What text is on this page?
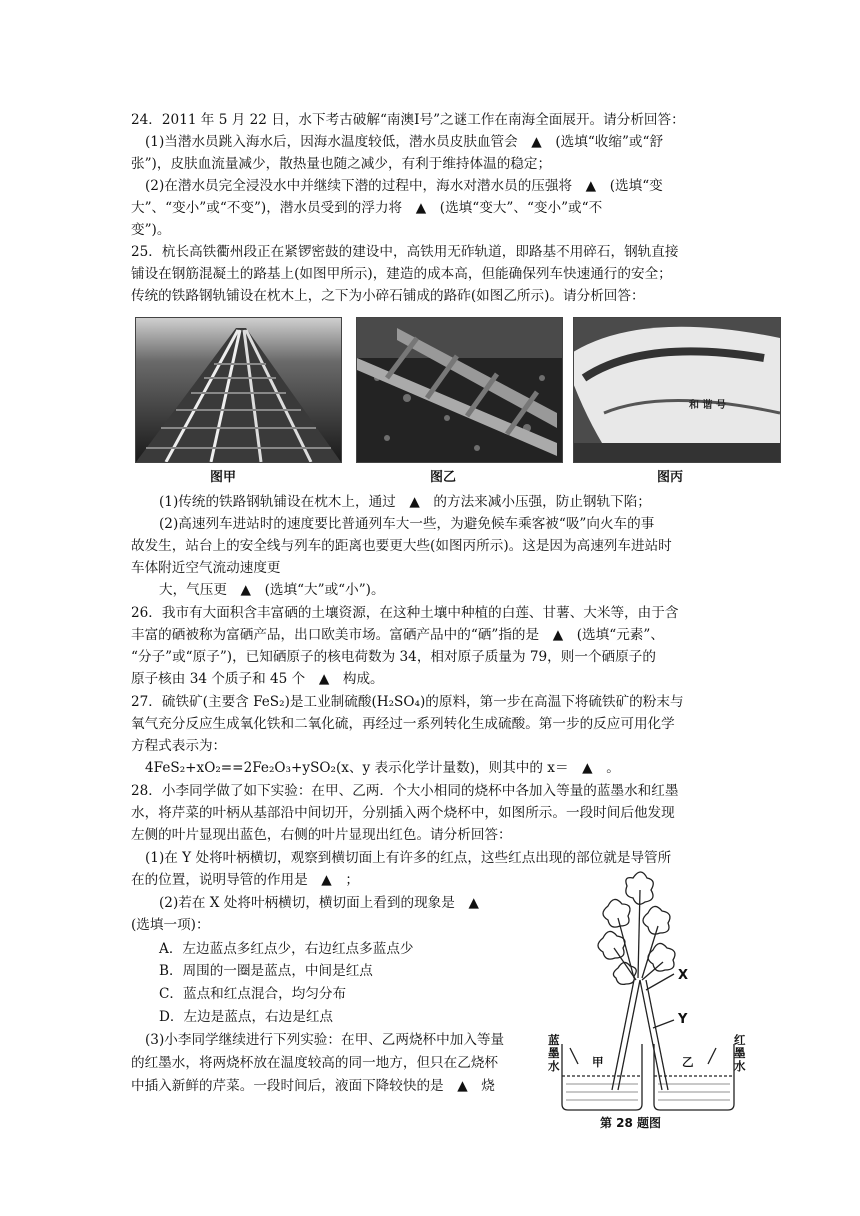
24．2011 年 5 月 22 日，水下考古破解“南澳Ⅰ号”之谜工作在南海全面展开。请分析回答：
(1)当潜水员跳入海水后，因海水温度较低，潜水员皮肤血管会　▲　(选填“收缩”或“舒
张”)，皮肤血流量减少，散热量也随之减少，有利于维持体温的稳定；
(2)在潜水员完全浸没水中并继续下潜的过程中，海水对潜水员的压强将　▲　(选填“变
大”、“变小”或“不变”)，潜水员受到的浮力将　▲　(选填“变大”、“变小”或“不
变”)。
25．杭长高铁衢州段正在紧锣密鼓的建设中，高铁用无砟轨道，即路基不用碎石，钢轨直接
铺设在钢筋混凝土的路基上(如图甲所示)，建造的成本高，但能确保列车快速通行的安全；
传统的铁路钢轨铺设在枕木上，之下为小碎石铺成的路砟(如图乙所示)。请分析回答：
图甲	图乙
和 谐 号
图丙
(1)传统的铁路钢轨铺设在枕木上，通过　▲　的方法来减小压强，防止钢轨下陷；
(2)高速列车进站时的速度要比普通列车大一些，为避免候车乘客被“吸”向火车的事
故发生，站台上的安全线与列车的距离也要更大些(如图丙所示)。这是因为高速列车进站时
车体附近空气流动速度更
大，气压更　▲　(选填“大”或“小”)。
26．我市有大面积含丰富硒的土壤资源，在这种土壤中种植的白莲、甘薯、大米等，由于含
丰富的硒被称为富硒产品，出口欧美市场。富硒产品中的“硒”指的是　▲　(选填“元素”、
“分子”或“原子”)，已知硒原子的核电荷数为 34，相对原子质量为 79，则一个硒原子的
原子核由 34 个质子和 45 个　▲　构成。
27．硫铁矿(主要含 FeS₂)是工业制硫酸(H₂SO₄)的原料，第一步在高温下将硫铁矿的粉末与
氧气充分反应生成氧化铁和二氧化硫，再经过一系列转化生成硫酸。第一步的反应可用化学
方程式表示为：
4FeS₂+xO₂==2Fe₂O₃+ySO₂(x、y 表示化学计量数)，则其中的 x＝　▲　。
28．小李同学做了如下实验：在甲、乙两．个大小相同的烧杯中各加入等量的蓝墨水和红墨
水，将芹菜的叶柄从基部沿中间切开，分别插入两个烧杯中，如图所示。一段时间后他发现
左侧的叶片显现出蓝色，右侧的叶片显现出红色。请分析回答：
(1)在 Y 处将叶柄横切，观察到横切面上有许多的红点，这些红点出现的部位就是导管所
在的位置，说明导管的作用是　▲　；
(2)若在 X 处将叶柄横切，横切面上看到的现象是　▲
(选填一项)：
A．左边蓝点多红点少，右边红点多蓝点少
B．周围的一圈是蓝点，中间是红点
C．蓝点和红点混合，均匀分布
D．左边是蓝点，右边是红点
(3)小李同学继续进行下列实验：在甲、乙两烧杯中加入等量
的红墨水，将两烧杯放在温度较高的同一地方，但只在乙烧杯
中插入新鲜的芹菜。一段时间后，液面下降较快的是　▲　烧
X
Y
蓝墨水
红墨水
甲	乙
第 28 题图
